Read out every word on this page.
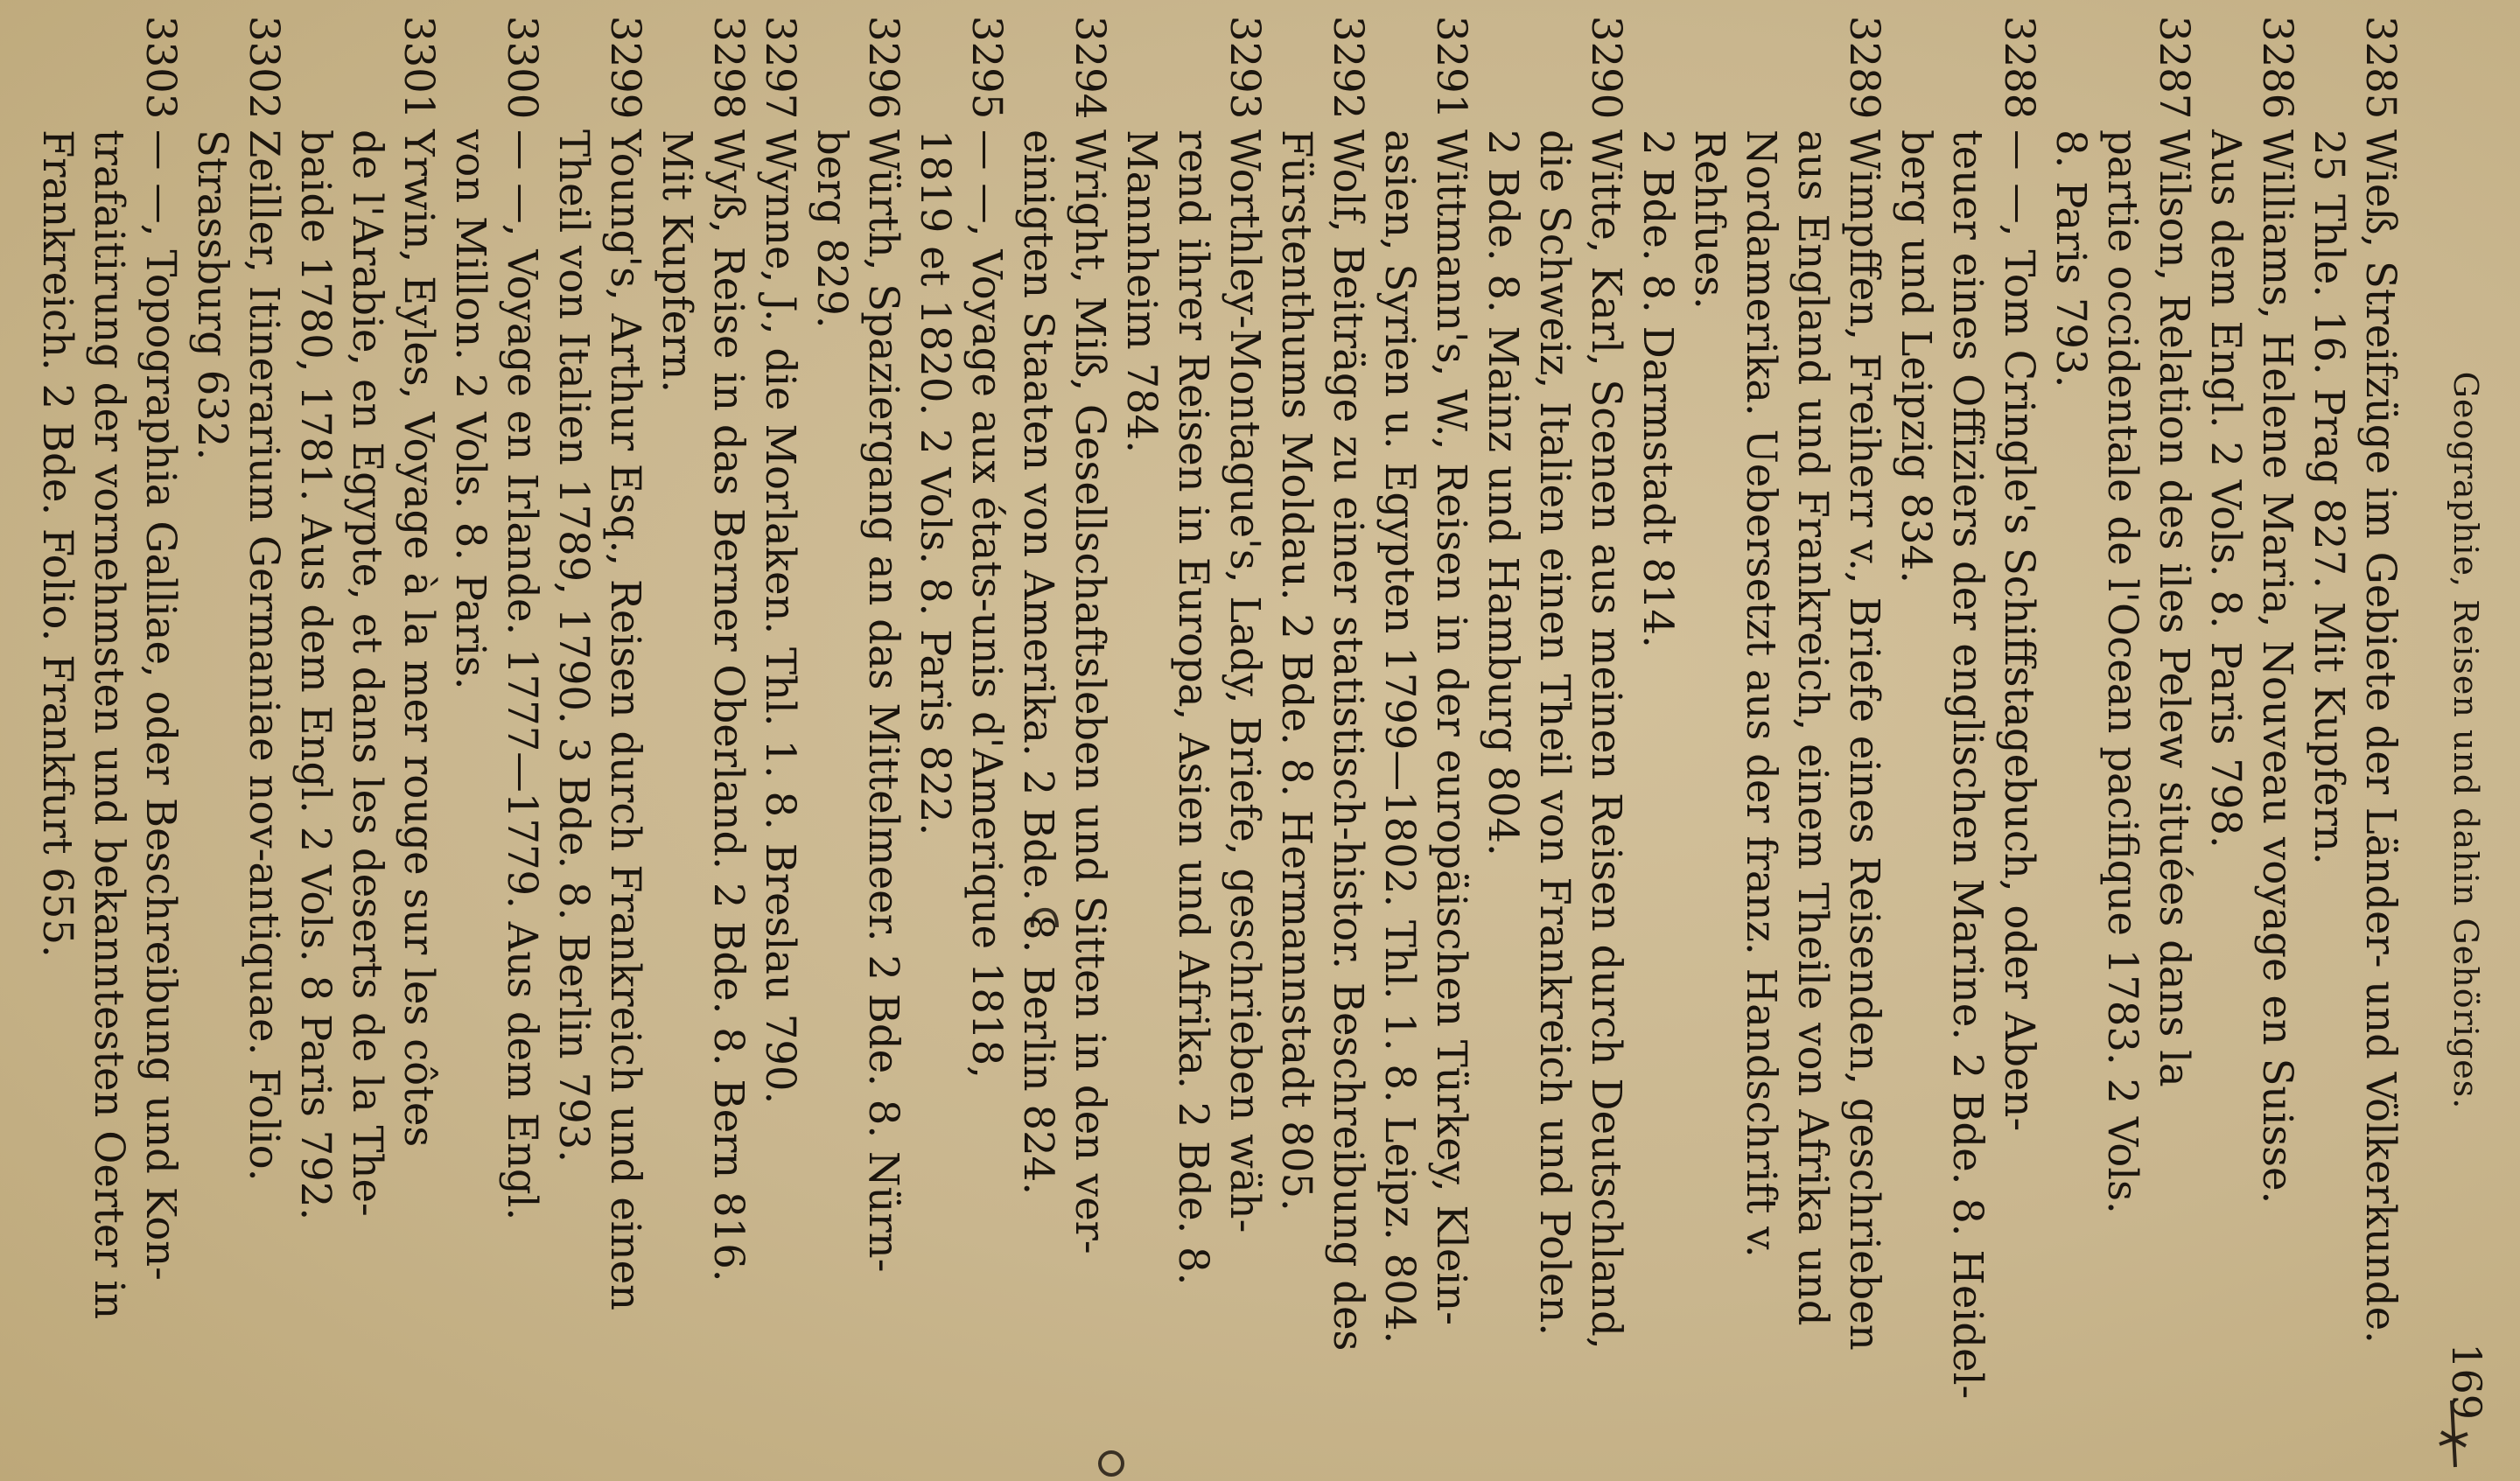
Geographie, Reisen und dahin Gehöriges.
169
3285
Wieß, Streifzüge im Gebiete der Länder- und Völkerkunde.
25 Thle. 16. Prag 827. Mit Kupfern.
3286
Williams, Helene Maria, Nouveau voyage en Suisse.
Aus dem Engl. 2 Vols. 8. Paris 798.
3287
Wilson, Relation des iles Pelew situées dans la
partie occidentale de l'Ocean pacifique 1783. 2 Vols.
8. Paris 793.
3288
— —, Tom Cringle's Schiffstagebuch, oder Aben-
teuer eines Offiziers der englischen Marine. 2 Bde. 8. Heidel-
berg und Leipzig 834.
3289
Wimpffen, Freiherr v., Briefe eines Reisenden, geschrieben
aus England und Frankreich, einem Theile von Afrika und
Nordamerika. Uebersetzt aus der franz. Handschrift v. Rehfues.
2 Bde. 8. Darmstadt 814.
3290
Witte, Karl, Scenen aus meinen Reisen durch Deutschland,
die Schweiz, Italien einen Theil von Frankreich und Polen.
2 Bde. 8. Mainz und Hamburg 804.
3291
Wittmann's, W., Reisen in der europäischen Türkey, Klein-
asien, Syrien u. Egypten 1799—1802. Thl. 1. 8. Leipz. 804.
3292
Wolf, Beiträge zu einer statistisch-histor. Beschreibung des
Fürstenthums Moldau. 2 Bde. 8. Hermannstadt 805.
3293
Worthley-Montague's, Lady, Briefe, geschrieben wäh-
rend ihrer Reisen in Europa, Asien und Afrika. 2 Bde. 8.
Mannheim 784.
3294
Wright, Miß, Gesellschaftsleben und Sitten in den ver-
einigten Staaten von Amerika. 2 Bde. 8. Berlin 824.
3295
— —, Voyage aux états-unis d'Amerique 1818,
1819 et 1820. 2 Vols. 8. Paris 822.
3296
Würth, Spaziergang an das Mittelmeer. 2 Bde. 8. Nürn-
berg 829.
3297
Wynne, J., die Morlaken. Thl. 1. 8. Breslau 790.
3298
Wyß, Reise in das Berner Oberland. 2 Bde. 8. Bern 816.
Mit Kupfern.
3299
Young's, Arthur Esq., Reisen durch Frankreich und einen
Theil von Italien 1789, 1790. 3 Bde. 8. Berlin 793.
3300
— —, Voyage en Irlande. 1777—1779. Aus dem Engl.
von Millon. 2 Vols. 8. Paris.
3301
Yrwin, Eyles, Voyage à la mer rouge sur les côtes
de l'Arabie, en Egypte, et dans les deserts de la The-
baide 1780, 1781. Aus dem Engl. 2 Vols. 8 Paris 792.
3302
Zeiller, Itinerarium Germaniae nov-antiquae. Folio.
Strassburg 632.
3303
— —, Topographia Galliae, oder Beschreibung und Kon-
trafaitirung der vornehmsten und bekanntesten Oerter in
Frankreich. 2 Bde. Folio. Frankfurt 655.
